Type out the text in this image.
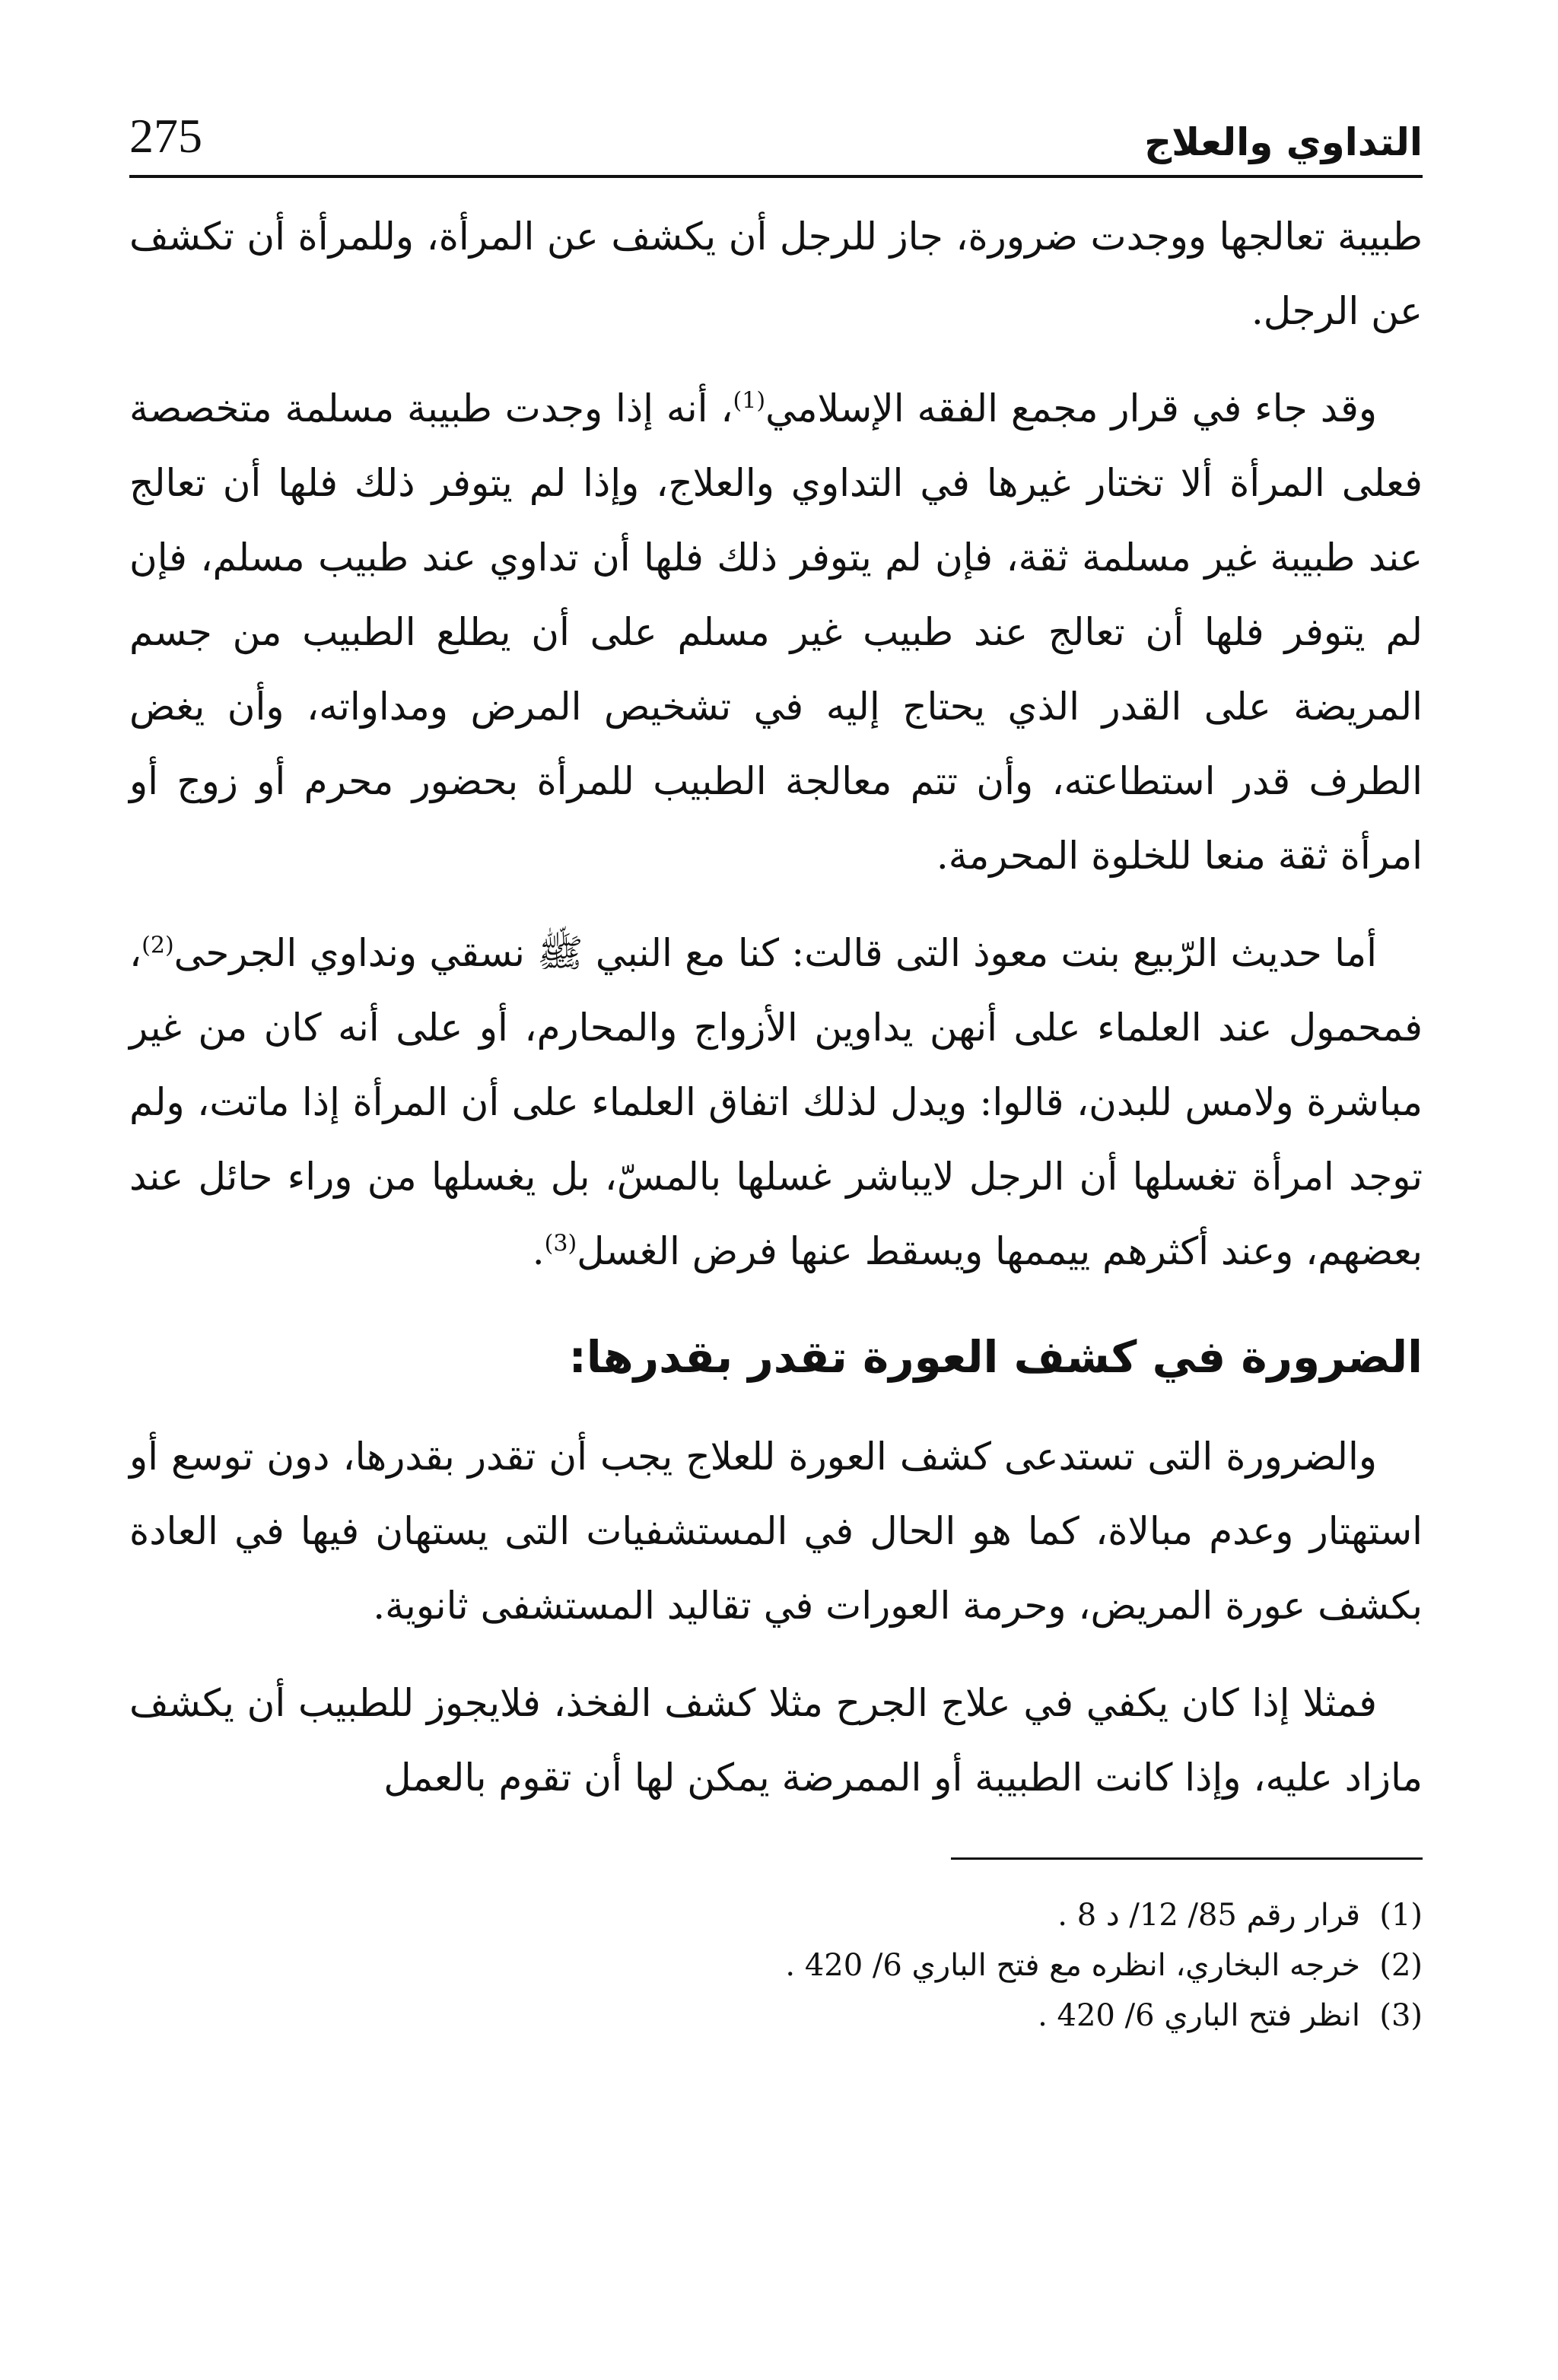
275	التداوي والعلاج

طبيبة تعالجها ووجدت ضرورة، جاز للرجل أن يكشف عن المرأة، وللمرأة أن تكشف عن الرجل.

وقد جاء في قرار مجمع الفقه الإسلامي$^{(1)}$، أنه إذا وجدت طبيبة مسلمة متخصصة فعلى المرأة ألا تختار غيرها في التداوي والعلاج، وإذا لم يتوفر ذلك فلها أن تعالج عند طبيبة غير مسلمة ثقة، فإن لم يتوفر ذلك فلها أن تداوي عند طبيب مسلم، فإن لم يتوفر فلها أن تعالج عند طبيب غير مسلم على أن يطلع الطبيب من جسم المريضة على القدر الذي يحتاج إليه في تشخيص المرض ومداواته، وأن يغض الطرف قدر استطاعته، وأن تتم معالجة الطبيب للمرأة بحضور محرم أو زوج أو امرأة ثقة منعا للخلوة المحرمة.

أما حديث الرّبيع بنت معوذ التى قالت: كنا مع النبي ﷺ نسقي ونداوي الجرحى$^{(2)}$، فمحمول عند العلماء على أنهن يداوين الأزواج والمحارم، أو على أنه كان من غير مباشرة ولامس للبدن، قالوا: ويدل لذلك اتفاق العلماء على أن المرأة إذا ماتت، ولم توجد امرأة تغسلها أن الرجل لايباشر غسلها بالمسّ، بل يغسلها من وراء حائل عند بعضهم، وعند أكثرهم ييممها ويسقط عنها فرض الغسل$^{(3)}$.

الضرورة في كشف العورة تقدر بقدرها:

والضرورة التى تستدعى كشف العورة للعلاج يجب أن تقدر بقدرها، دون توسع أو استهتار وعدم مبالاة، كما هو الحال في المستشفيات التى يستهان فيها في العادة بكشف عورة المريض، وحرمة العورات في تقاليد المستشفى ثانوية.

فمثلا إذا كان يكفي في علاج الجرح مثلا كشف الفخذ، فلايجوز للطبيب أن يكشف مازاد عليه، وإذا كانت الطبيبة أو الممرضة يمكن لها أن تقوم بالعمل

(1)
قرار رقم 85/ 12/ د 8 .
(2)
خرجه البخاري، انظره مع فتح الباري 6/ 420 .
(3)
انظر فتح الباري 6/ 420 .
